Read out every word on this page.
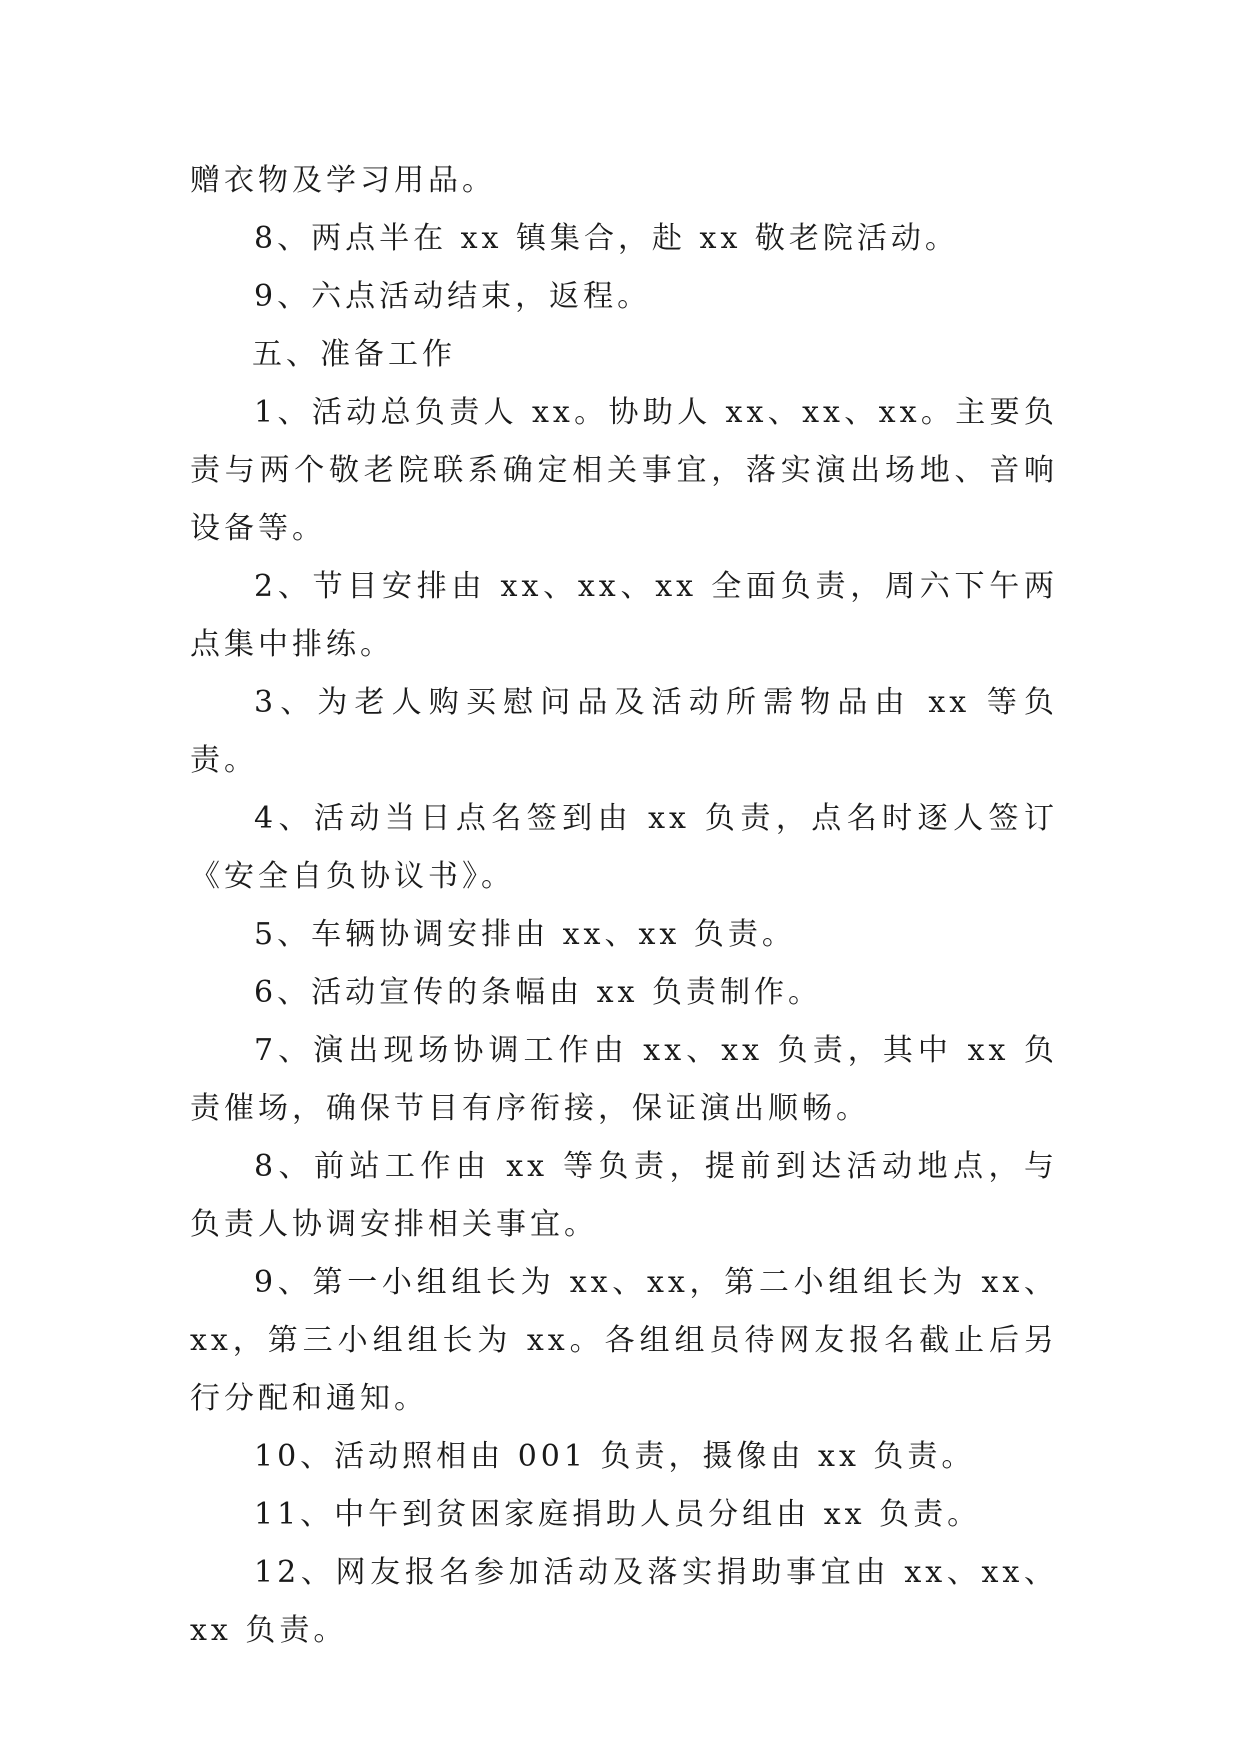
赠衣物及学习用品。

8、两点半在 xx 镇集合，赴 xx 敬老院活动。

9、六点活动结束，返程。

五、准备工作

1、活动总负责人 xx。协助人 xx、xx、xx。主要负责与两个敬老院联系确定相关事宜，落实演出场地、音响设备等。

2、节目安排由 xx、xx、xx 全面负责，周六下午两点集中排练。

3、为老人购买慰问品及活动所需物品由 xx 等负责。

4、活动当日点名签到由 xx 负责，点名时逐人签订《安全自负协议书》。

5、车辆协调安排由 xx、xx 负责。

6、活动宣传的条幅由 xx 负责制作。

7、演出现场协调工作由 xx、xx 负责，其中 xx 负责催场，确保节目有序衔接，保证演出顺畅。

8、前站工作由 xx 等负责，提前到达活动地点，与负责人协调安排相关事宜。

9、第一小组组长为 xx、xx，第二小组组长为 xx、xx，第三小组组长为 xx。各组组员待网友报名截止后另行分配和通知。

10、活动照相由 001 负责，摄像由 xx 负责。

11、中午到贫困家庭捐助人员分组由 xx 负责。

12、网友报名参加活动及落实捐助事宜由 xx、xx、xx 负责。
